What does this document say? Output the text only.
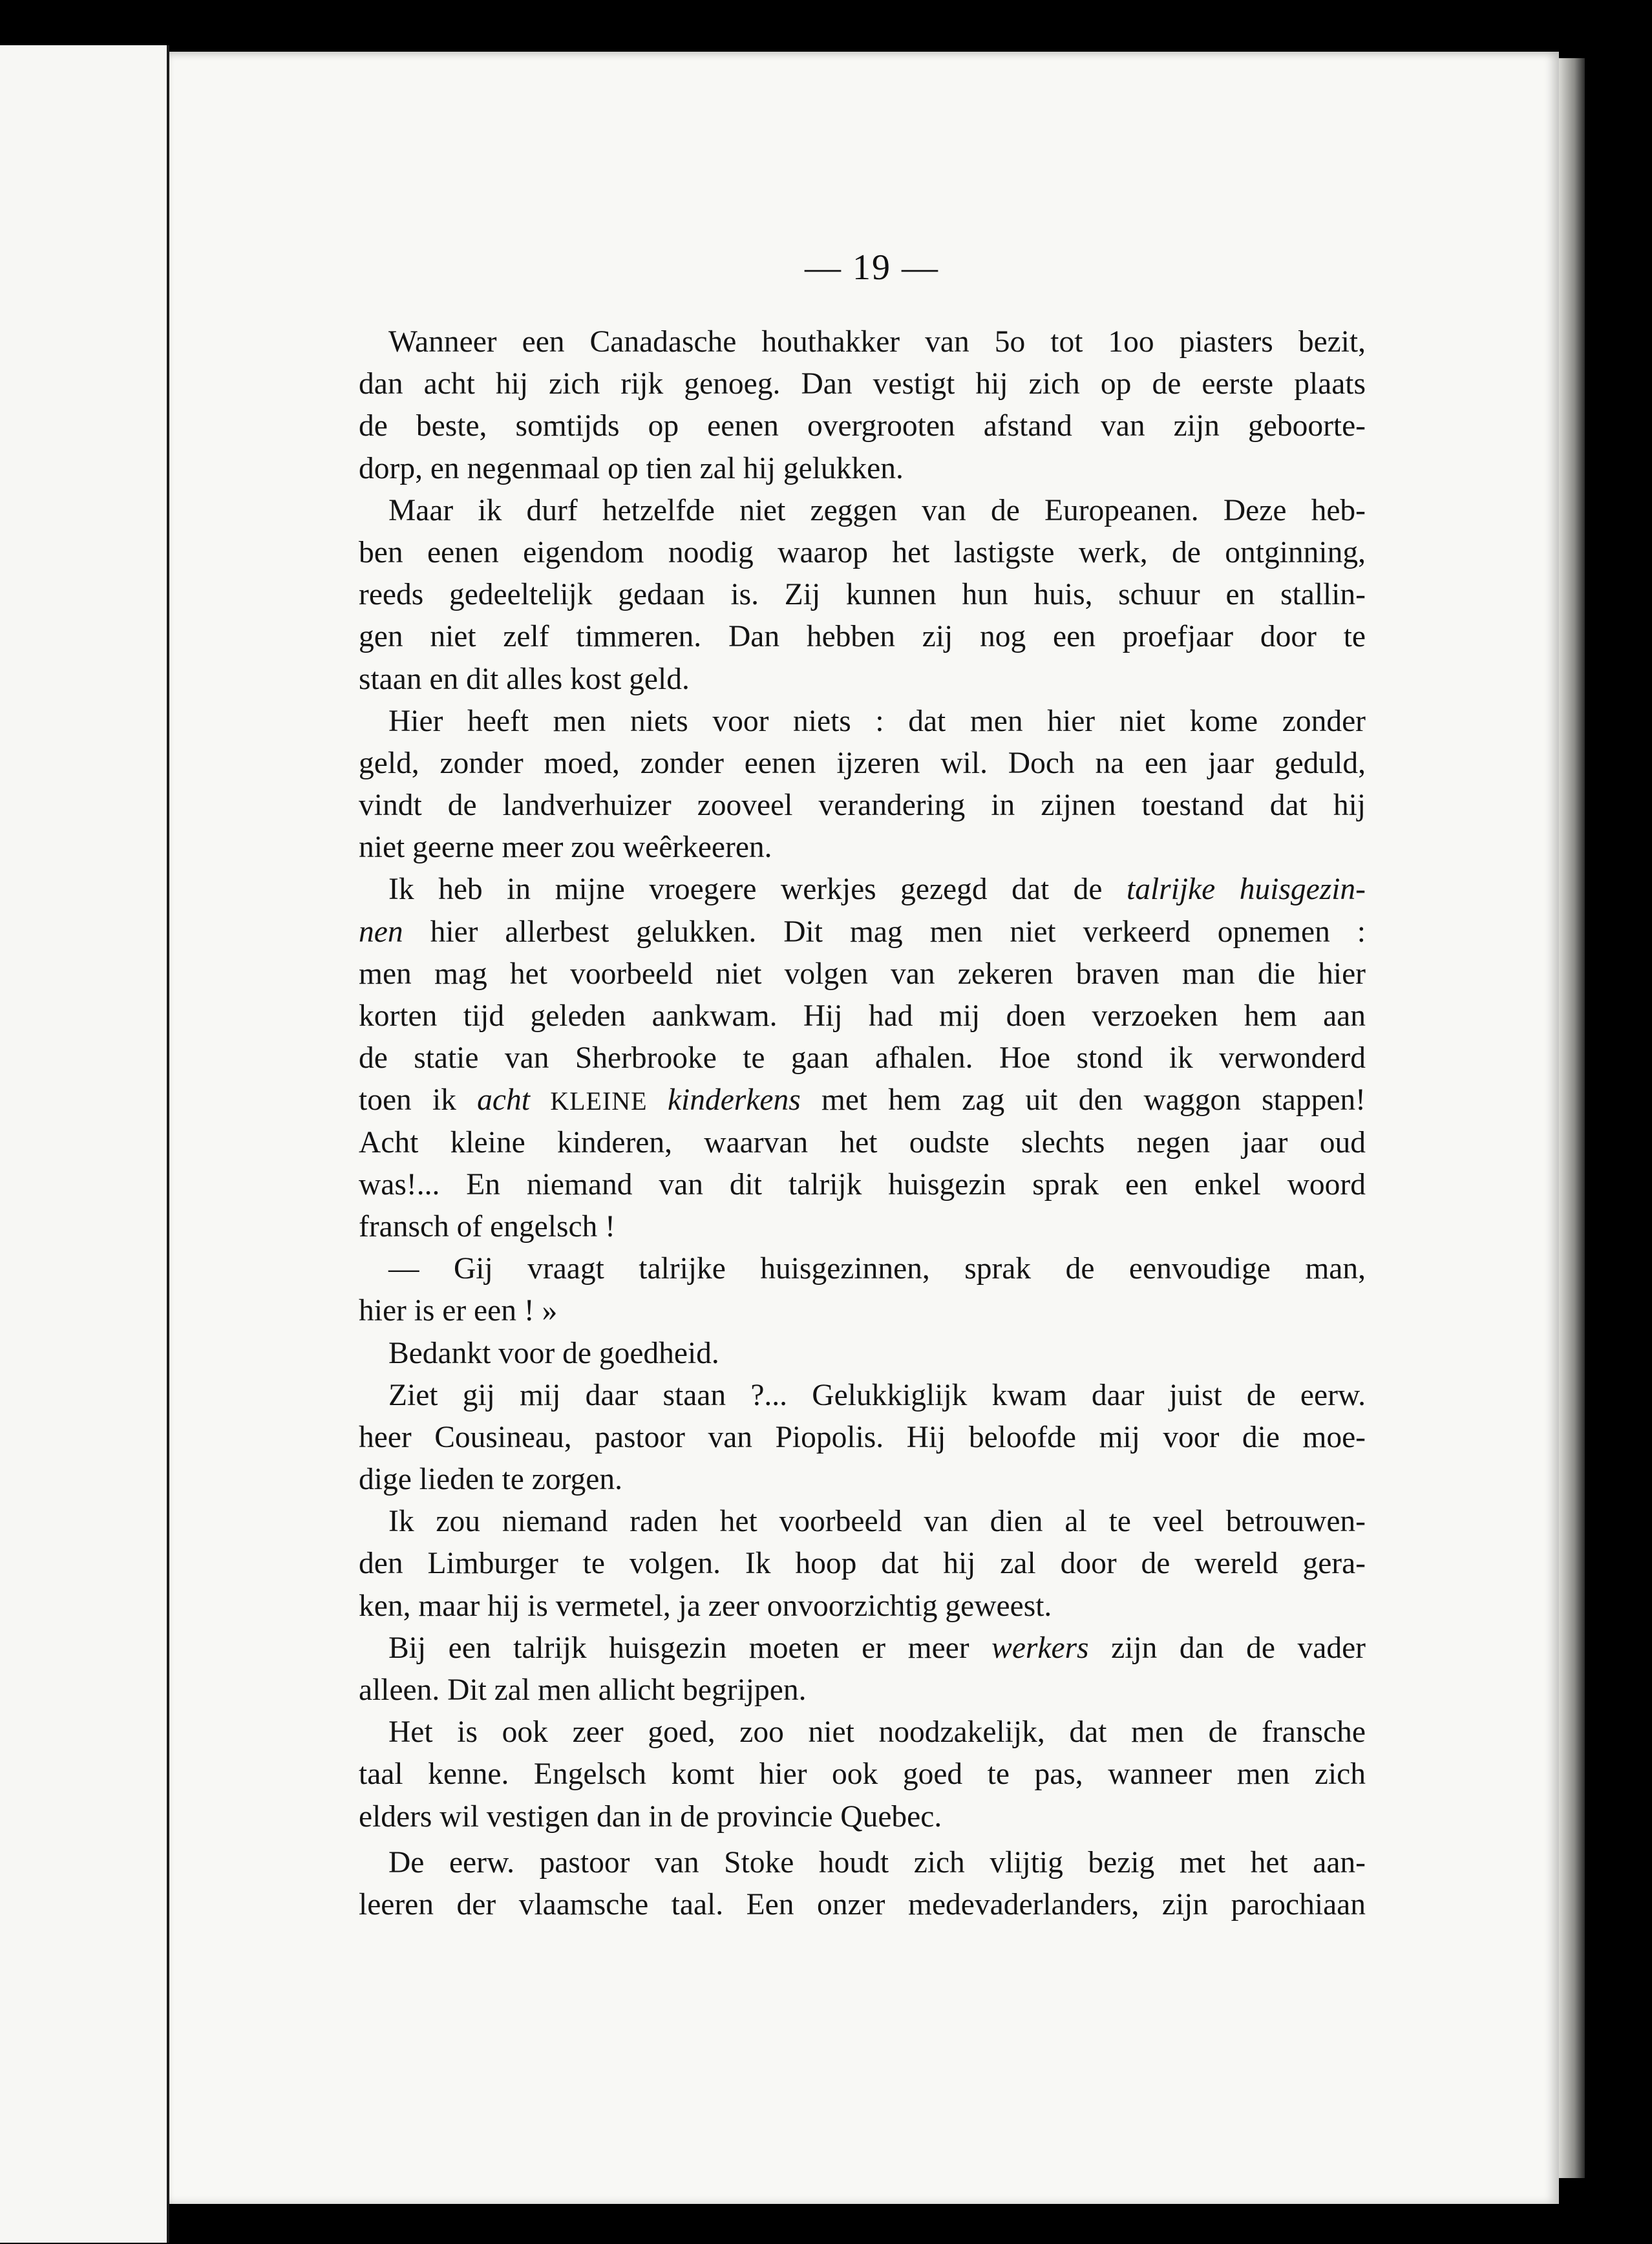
— 19 —
Wanneer een Canadasche houthakker van 5o tot 1oo piasters bezit,
dan acht hij zich rijk genoeg. Dan vestigt hij zich op de eerste plaats
de beste, somtijds op eenen overgrooten afstand van zijn geboorte-
dorp, en negenmaal op tien zal hij gelukken.
Maar ik durf hetzelfde niet zeggen van de Europeanen. Deze heb-
ben eenen eigendom noodig waarop het lastigste werk, de ontginning,
reeds gedeeltelijk gedaan is. Zij kunnen hun huis, schuur en stallin-
gen niet zelf timmeren. Dan hebben zij nog een proefjaar door te
staan en dit alles kost geld.
Hier heeft men niets voor niets : dat men hier niet kome zonder
geld, zonder moed, zonder eenen ijzeren wil. Doch na een jaar geduld,
vindt de landverhuizer zooveel verandering in zijnen toestand dat hij
niet geerne meer zou weêrkeeren.
Ik heb in mijne vroegere werkjes gezegd dat de talrijke huisgezin-
nen hier allerbest gelukken. Dit mag men niet verkeerd opnemen :
men mag het voorbeeld niet volgen van zekeren braven man die hier
korten tijd geleden aankwam. Hij had mij doen verzoeken hem aan
de statie van Sherbrooke te gaan afhalen. Hoe stond ik verwonderd
toen ik acht KLEINE kinderkens met hem zag uit den waggon stappen!
Acht kleine kinderen, waarvan het oudste slechts negen jaar oud
was!... En niemand van dit talrijk huisgezin sprak een enkel woord
fransch of engelsch !
— Gij vraagt talrijke huisgezinnen, sprak de eenvoudige man,
hier is er een ! »
Bedankt voor de goedheid.
Ziet gij mij daar staan ?... Gelukkiglijk kwam daar juist de eerw.
heer Cousineau, pastoor van Piopolis. Hij beloofde mij voor die moe-
dige lieden te zorgen.
Ik zou niemand raden het voorbeeld van dien al te veel betrouwen-
den Limburger te volgen. Ik hoop dat hij zal door de wereld gera-
ken, maar hij is vermetel, ja zeer onvoorzichtig geweest.
Bij een talrijk huisgezin moeten er meer werkers zijn dan de vader
alleen. Dit zal men allicht begrijpen.
Het is ook zeer goed, zoo niet noodzakelijk, dat men de fransche
taal kenne. Engelsch komt hier ook goed te pas, wanneer men zich
elders wil vestigen dan in de provincie Quebec.
De eerw. pastoor van Stoke houdt zich vlijtig bezig met het aan-
leeren der vlaamsche taal. Een onzer medevaderlanders, zijn parochiaan
